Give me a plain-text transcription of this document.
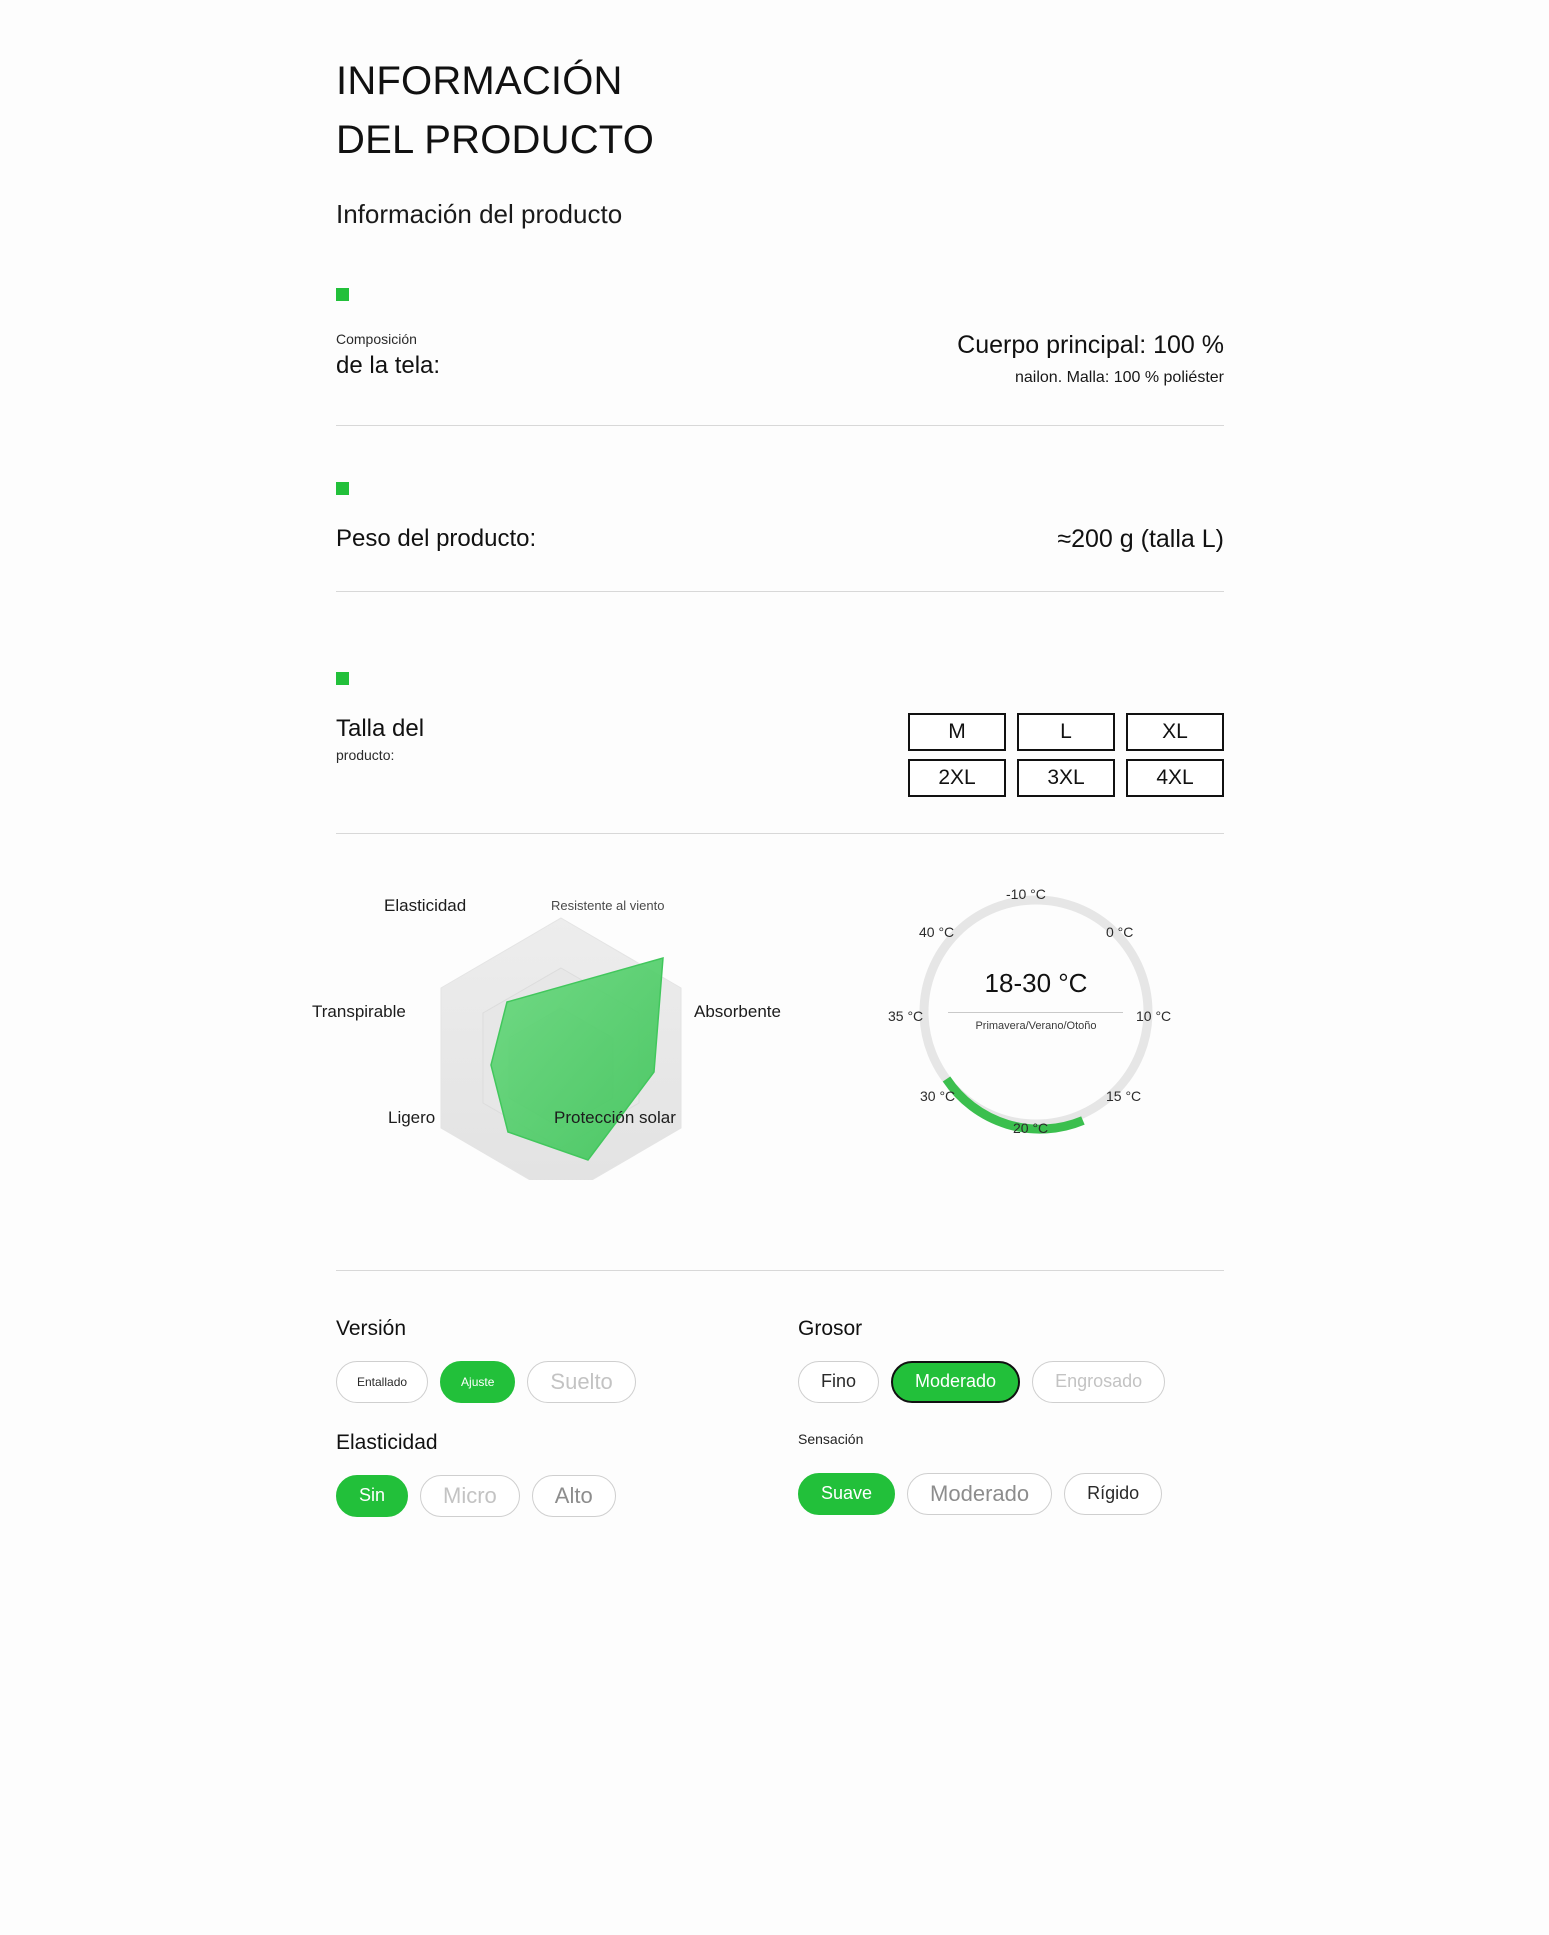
INFORMACIÓN
DEL PRODUCTO
Información del producto
Composición
de la tela:
Cuerpo principal: 100 %
nailon. Malla: 100 % poliéster
Peso del producto:	≈200 g (talla L)
Talla del
producto:
M	L	XL
2XL	3XL	4XL
Elasticidad	Resistente al viento
Absorbente
Protección solar
Ligero
Transpirable
18-30 °C
Primavera/Verano/Otoño
-10 °C
0 °C
10 °C
15 °C
20 °C
30 °C
35 °C
40 °C
Versión
Entallado	Ajuste	Suelto
Grosor
Fino	Moderado	Engrosado
Elasticidad
Sin	Micro	Alto
Sensación
Suave	Moderado	Rígido
